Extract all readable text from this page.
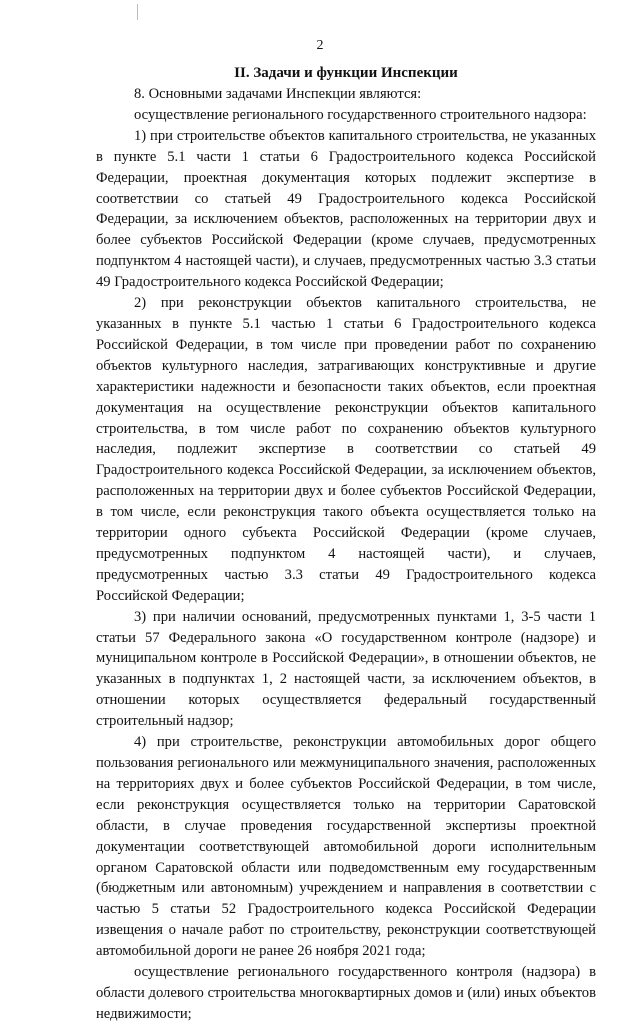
2
II. Задачи и функции Инспекции

8. Основными задачами Инспекции являются:

осуществление регионального государственного строительного надзора:

1) при строительстве объектов капитального строительства, не указанных в пункте 5.1 части 1 статьи 6 Градостроительного кодекса Российской Федерации, проектная документация которых подлежит экспертизе в соответствии со статьей 49 Градостроительного кодекса Российской Федерации, за исключением объектов, расположенных на территории двух и более субъектов Российской Федерации (кроме случаев, предусмотренных подпунктом 4 настоящей части), и случаев, предусмотренных частью 3.3 статьи 49 Градостроительного кодекса Российской Федерации;

2) при реконструкции объектов капитального строительства, не указанных в пункте 5.1 частью 1 статьи 6 Градостроительного кодекса Российской Федерации, в том числе при проведении работ по сохранению объектов культурного наследия, затрагивающих конструктивные и другие характеристики надежности и безопасности таких объектов, если проектная документация на осуществление реконструкции объектов капитального строительства, в том числе работ по сохранению объектов культурного наследия, подлежит экспертизе в соответствии со статьей 49 Градостроительного кодекса Российской Федерации, за исключением объектов, расположенных на территории двух и более субъектов Российской Федерации, в том числе, если реконструкция такого объекта осуществляется только на территории одного субъекта Российской Федерации (кроме случаев, предусмотренных подпунктом 4 настоящей части), и случаев, предусмотренных частью 3.3 статьи 49 Градостроительного кодекса Российской Федерации;

3) при наличии оснований, предусмотренных пунктами 1, 3-5 части 1 статьи 57 Федерального закона «О государственном контроле (надзоре) и муниципальном контроле в Российской Федерации», в отношении объектов, не указанных в подпунктах 1, 2 настоящей части, за исключением объектов, в отношении которых осуществляется федеральный государственный строительный надзор;

4) при строительстве, реконструкции автомобильных дорог общего пользования регионального или межмуниципального значения, расположенных на территориях двух и более субъектов Российской Федерации, в том числе, если реконструкция осуществляется только на территории Саратовской области, в случае проведения государственной экспертизы проектной документации соответствующей автомобильной дороги исполнительным органом Саратовской области или подведомственным ему государственным (бюджетным или автономным) учреждением и направления в соответствии с частью 5 статьи 52 Градостроительного кодекса Российской Федерации извещения о начале работ по строительству, реконструкции соответствующей автомобильной дороги не ранее 26 ноября 2021 года;

осуществление регионального государственного контроля (надзора) в области долевого строительства многоквартирных домов и (или) иных объектов недвижимости;
